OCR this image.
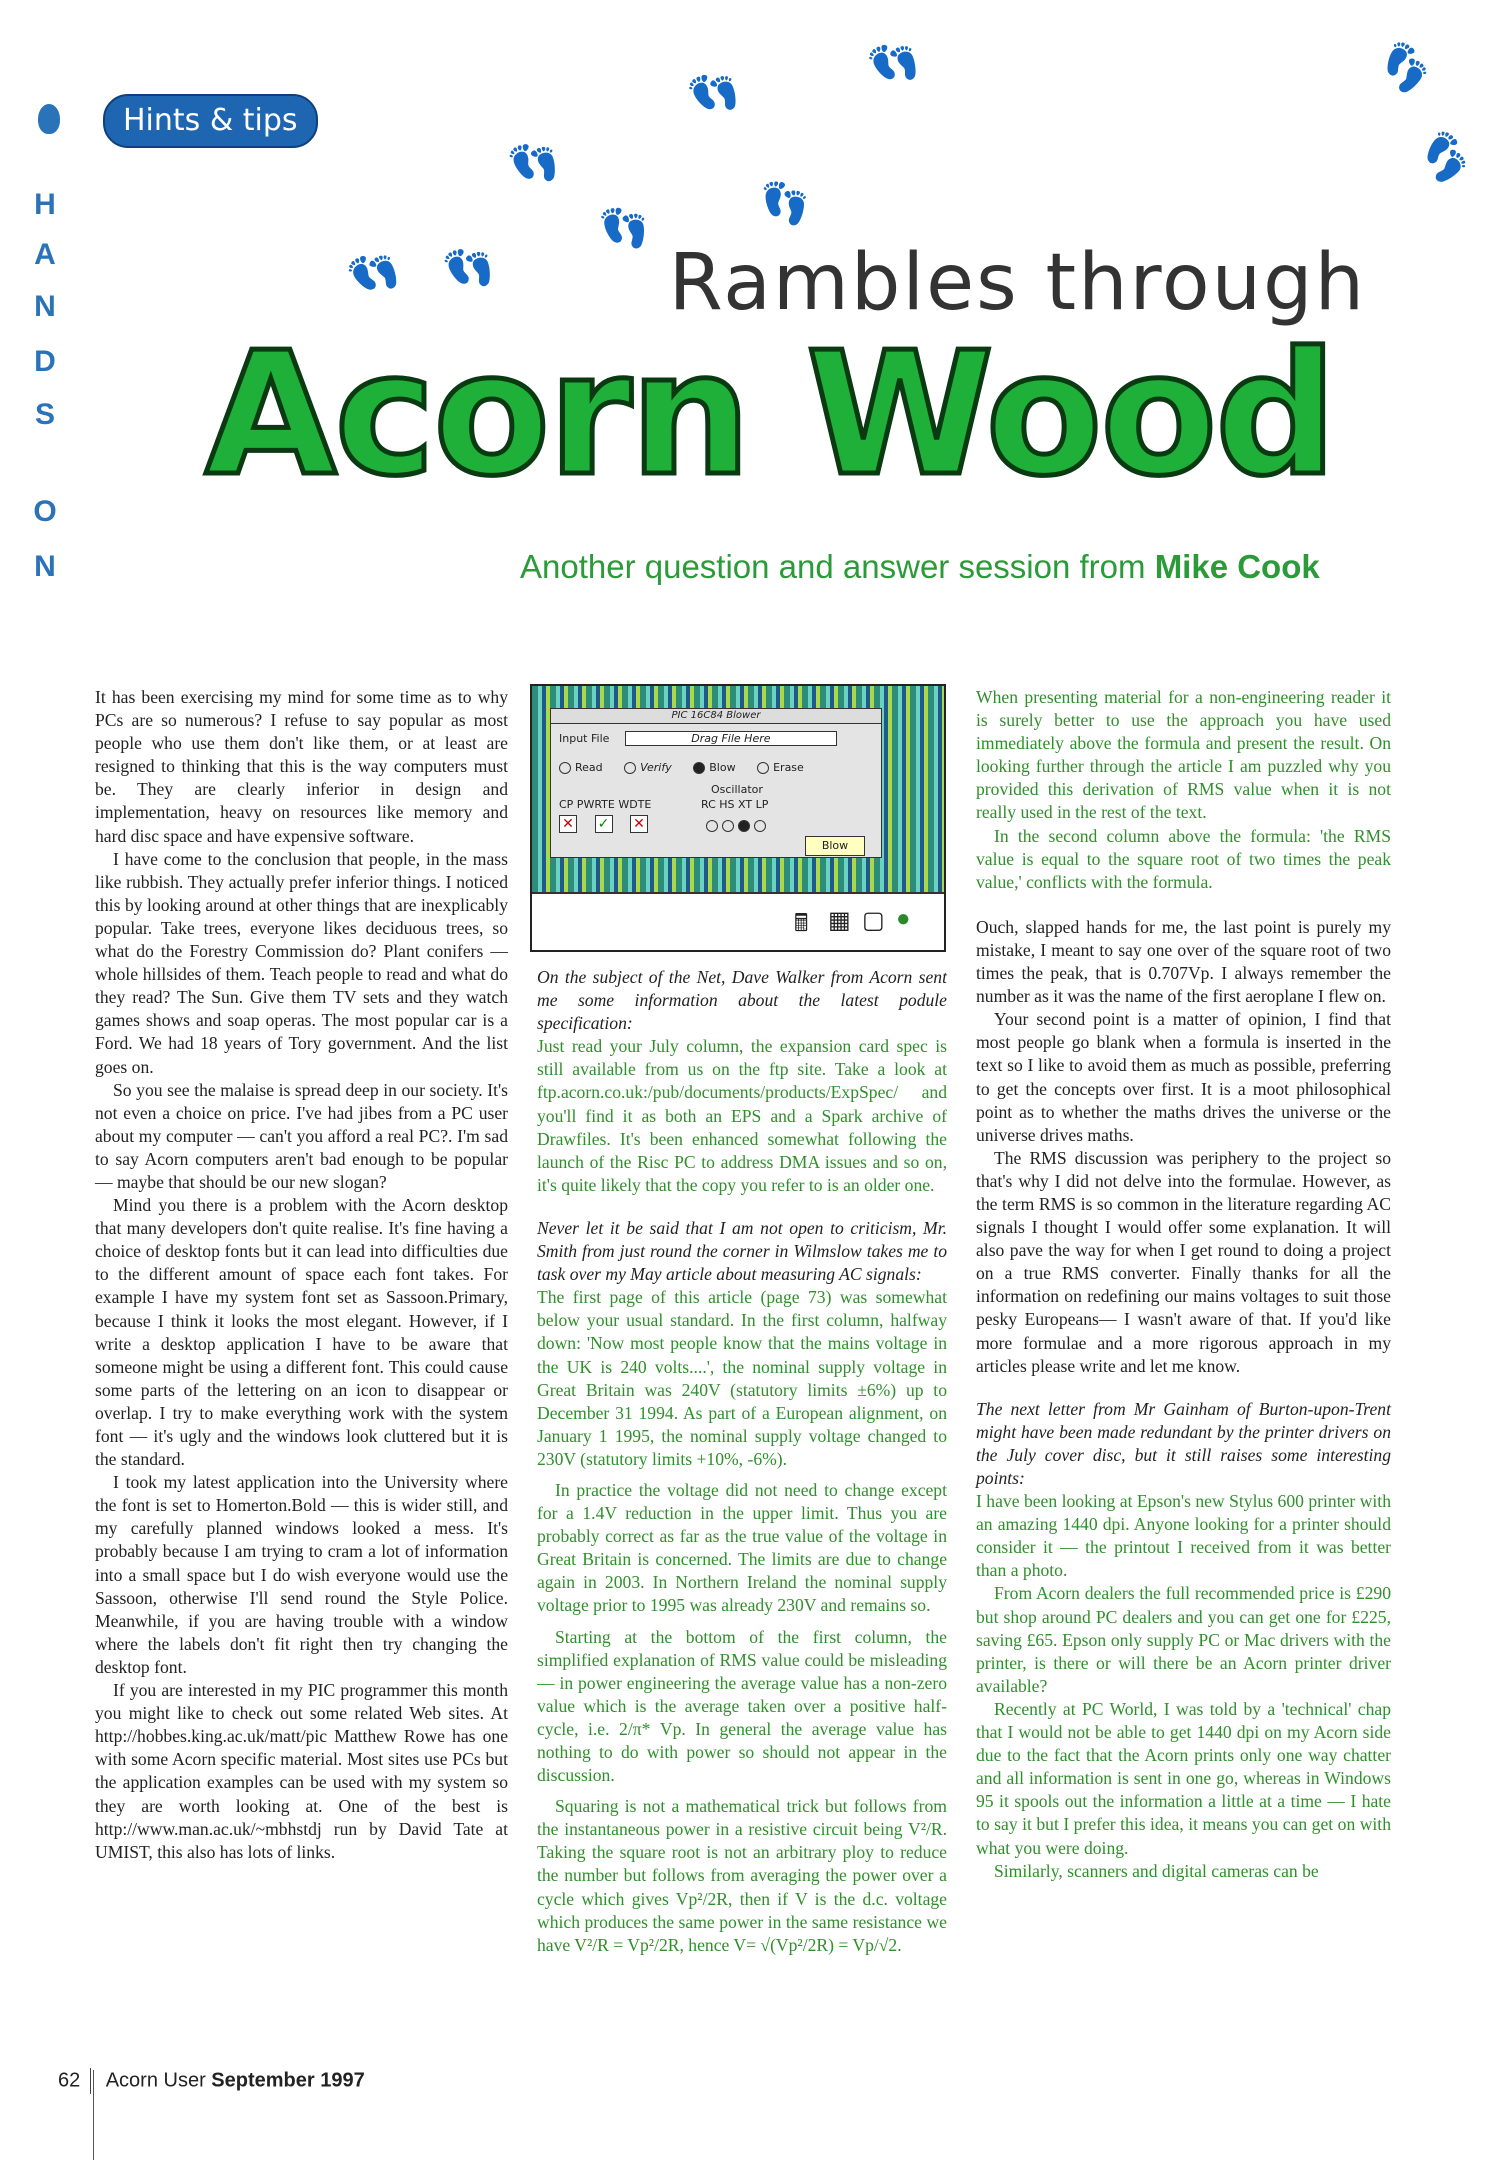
H
A
N
D
S
O
N
Hints & tips
👣 👣
👣
👣
👣
👣
👣	👣
👣
Rambles through
Acorn Wood
Another question and answer session from Mike Cook

It has been exercising my mind for some time as to why PCs are so numerous? I refuse to say popular as most people who use them don't like them, or at least are resigned to thinking that this is the way computers must be. They are clearly inferior in design and implementation, heavy on resources like memory and hard disc space and have expensive software.

I have come to the conclusion that people, in the mass like rubbish. They actually prefer inferior things. I noticed this by looking around at other things that are inexplicably popular. Take trees, everyone likes deciduous trees, so what do the Forestry Commission do? Plant conifers — whole hillsides of them. Teach people to read and what do they read? The Sun. Give them TV sets and they watch games shows and soap operas. The most popular car is a Ford. We had 18 years of Tory government. And the list goes on.

So you see the malaise is spread deep in our society. It's not even a choice on price. I've had jibes from a PC user about my computer — can't you afford a real PC?. I'm sad to say Acorn computers aren't bad enough to be popular — maybe that should be our new slogan?

Mind you there is a problem with the Acorn desktop that many developers don't quite realise. It's fine having a choice of desktop fonts but it can lead into difficulties due to the different amount of space each font takes. For example I have my system font set as Sassoon.Primary, because I think it looks the most elegant. However, if I write a desktop application I have to be aware that someone might be using a different font. This could cause some parts of the lettering on an icon to disappear or overlap. I try to make everything work with the system font — it's ugly and the windows look cluttered but it is the standard.

I took my latest application into the University where the font is set to Homerton.Bold — this is wider still, and my carefully planned windows looked a mess. It's probably because I am trying to cram a lot of information into a small space but I do wish everyone would use the Sassoon, otherwise I'll send round the Style Police. Meanwhile, if you are having trouble with a window where the labels don't fit right then try changing the desktop font.

If you are interested in my PIC programmer this month you might like to check out some related Web sites. At http://hobbes.king.ac.uk/matt/pic Matthew Rowe has one with some Acorn specific material. Most sites use PCs but the application examples can be used with my system so they are worth looking at. One of the best is http://www.man.ac.uk/~mbhstdj run by David Tate at UMIST, this also has lots of links.

PIC 16C84 Blower
Input File	Drag File Here
Read	Verify	Blow	Erase
Oscillator
CP PWRTE WDTE	RC HS XT LP
✕ ✓ ✕
Blow
🖩 ▦ ▢ ●

On the subject of the Net, Dave Walker from Acorn sent me some information about the latest podule specification:

Just read your July column, the expansion card spec is still available from us on the ftp site. Take a look at ftp.acorn.co.uk:/pub/documents/products/ExpSpec/ and you'll find it as both an EPS and a Spark archive of Drawfiles. It's been enhanced somewhat following the launch of the Risc PC to address DMA issues and so on, it's quite likely that the copy you refer to is an older one.

Never let it be said that I am not open to criticism, Mr. Smith from just round the corner in Wilmslow takes me to task over my May article about measuring AC signals:

The first page of this article (page 73) was somewhat below your usual standard. In the first column, halfway down: 'Now most people know that the mains voltage in the UK is 240 volts....', the nominal supply voltage in Great Britain was 240V (statutory limits ±6%) up to December 31 1994. As part of a European alignment, on January 1 1995, the nominal supply voltage changed to 230V (statutory limits +10%, -6%).

In practice the voltage did not need to change except for a 1.4V reduction in the upper limit. Thus you are probably correct as far as the true value of the voltage in Great Britain is concerned. The limits are due to change again in 2003. In Northern Ireland the nominal supply voltage prior to 1995 was already 230V and remains so.

Starting at the bottom of the first column, the simplified explanation of RMS value could be misleading — in power engineering the average value has a non-zero value which is the average taken over a positive half-cycle, i.e. 2/π* Vp. In general the average value has nothing to do with power so should not appear in the discussion.

Squaring is not a mathematical trick but follows from the instantaneous power in a resistive circuit being V²/R. Taking the square root is not an arbitrary ploy to reduce the number but follows from averaging the power over a cycle which gives Vp²/2R, then if V is the d.c. voltage which produces the same power in the same resistance we have V²/R = Vp²/2R, hence V= √(Vp²/2R) = Vp/√2.

When presenting material for a non-engineering reader it is surely better to use the approach you have used immediately above the formula and present the result. On looking further through the article I am puzzled why you provided this derivation of RMS value when it is not really used in the rest of the text.

In the second column above the formula: 'the RMS value is equal to the square root of two times the peak value,' conflicts with the formula.

Ouch, slapped hands for me, the last point is purely my mistake, I meant to say one over of the square root of two times the peak, that is 0.707Vp. I always remember the number as it was the name of the first aeroplane I flew on.

Your second point is a matter of opinion, I find that most people go blank when a formula is inserted in the text so I like to avoid them as much as possible, preferring to get the concepts over first. It is a moot philosophical point as to whether the maths drives the universe or the universe drives maths.

The RMS discussion was periphery to the project so that's why I did not delve into the formulae. However, as the term RMS is so common in the literature regarding AC signals I thought I would offer some explanation. It will also pave the way for when I get round to doing a project on a true RMS converter. Finally thanks for all the information on redefining our mains voltages to suit those pesky Europeans— I wasn't aware of that. If you'd like more formulae and a more rigorous approach in my articles please write and let me know.

The next letter from Mr Gainham of Burton-upon-Trent might have been made redundant by the printer drivers on the July cover disc, but it still raises some interesting points:

I have been looking at Epson's new Stylus 600 printer with an amazing 1440 dpi. Anyone looking for a printer should consider it — the printout I received from it was better than a photo.

From Acorn dealers the full recommended price is £290 but shop around PC dealers and you can get one for £225, saving £65. Epson only supply PC or Mac drivers with the printer, is there or will there be an Acorn printer driver available?

Recently at PC World, I was told by a 'technical' chap that I would not be able to get 1440 dpi on my Acorn side due to the fact that the Acorn prints only one way chatter and all information is sent in one go, whereas in Windows 95 it spools out the information a little at a time — I hate to say it but I prefer this idea, it means you can get on with what you were doing.

Similarly, scanners and digital cameras can be

62 Acorn User September 1997
